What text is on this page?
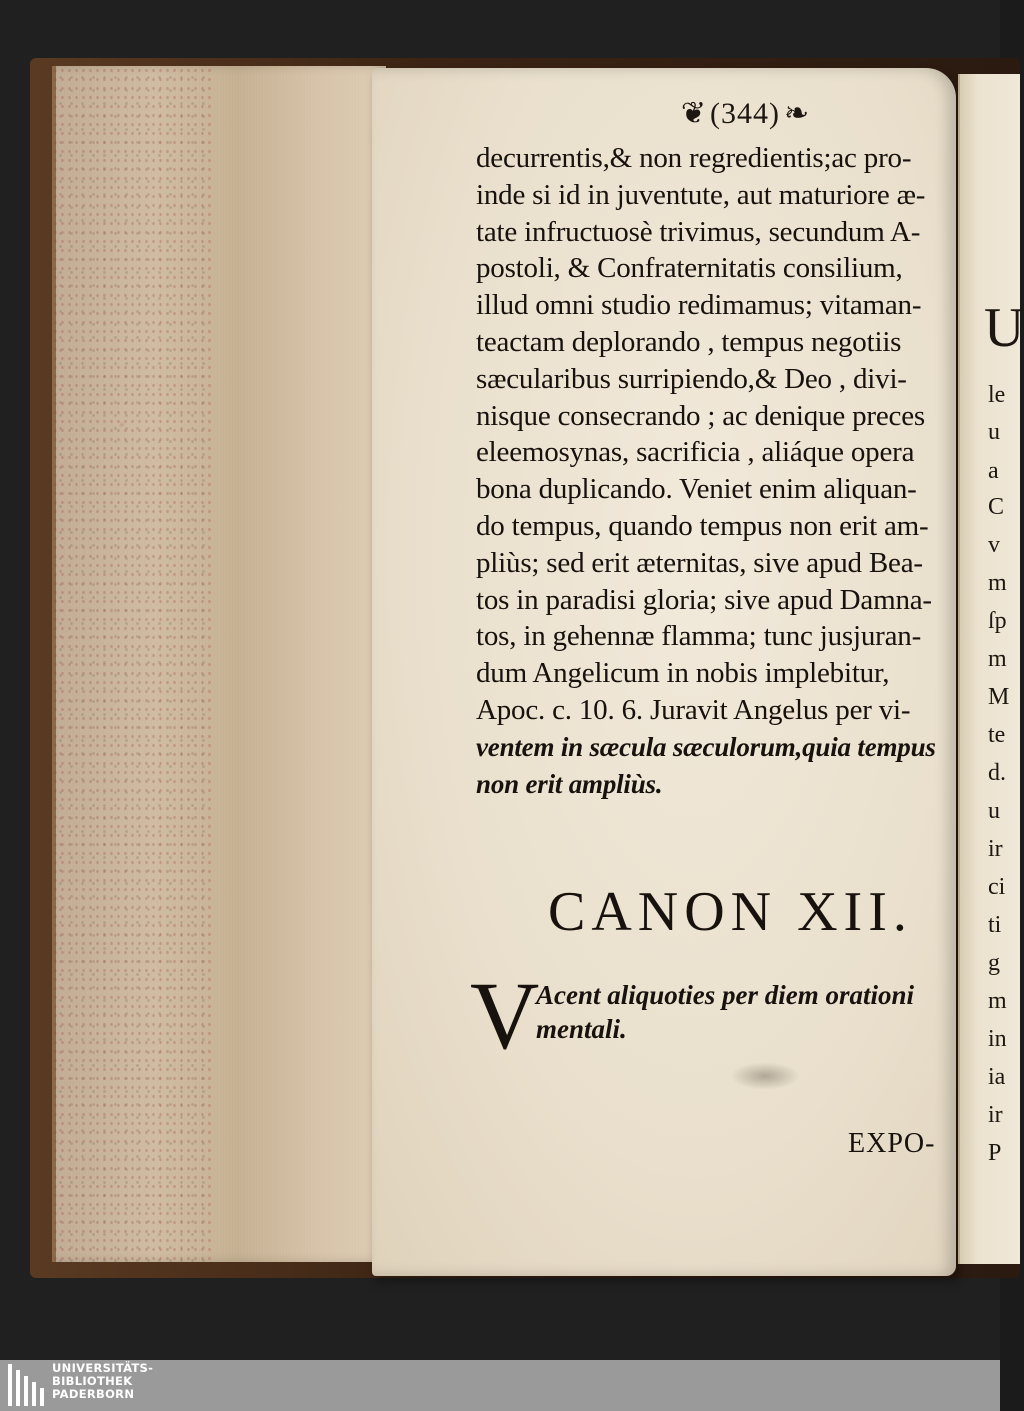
U
le
u
a
C
v
m
ſp
m
M
te
d.
u
ir
ci
ti
g
m
in
ia
ir
P
❦ (344) ❧
decurrentis,& non regredientis;ac pro-
inde si id in juventute, aut maturiore æ-
tate infructuosè trivimus, secundum A-
postoli, & Confraternitatis consilium,
illud omni studio redimamus; vitaman-
teactam deplorando , tempus negotiis
sæcularibus surripiendo,& Deo , divi-
nisque consecrando ; ac denique preces
eleemosynas, sacrificia , aliáque opera
bona duplicando. Veniet enim aliquan-
do tempus, quando tempus non erit am-
pliùs; sed erit æternitas, sive apud Bea-
tos in paradisi gloria; sive apud Damna-
tos, in gehennæ flamma; tunc jusjuran-
dum Angelicum in nobis implebitur,
Apoc. c. 10. 6. Juravit Angelus per vi-
ventem in sæcula sæculorum,quia tempus
non erit ampliùs.
CANON XII.
V
Acent aliquoties per diem orationi
mentali.
EXPO-
UNIVERSITÄTS-
BIBLIOTHEK
PADERBORN
